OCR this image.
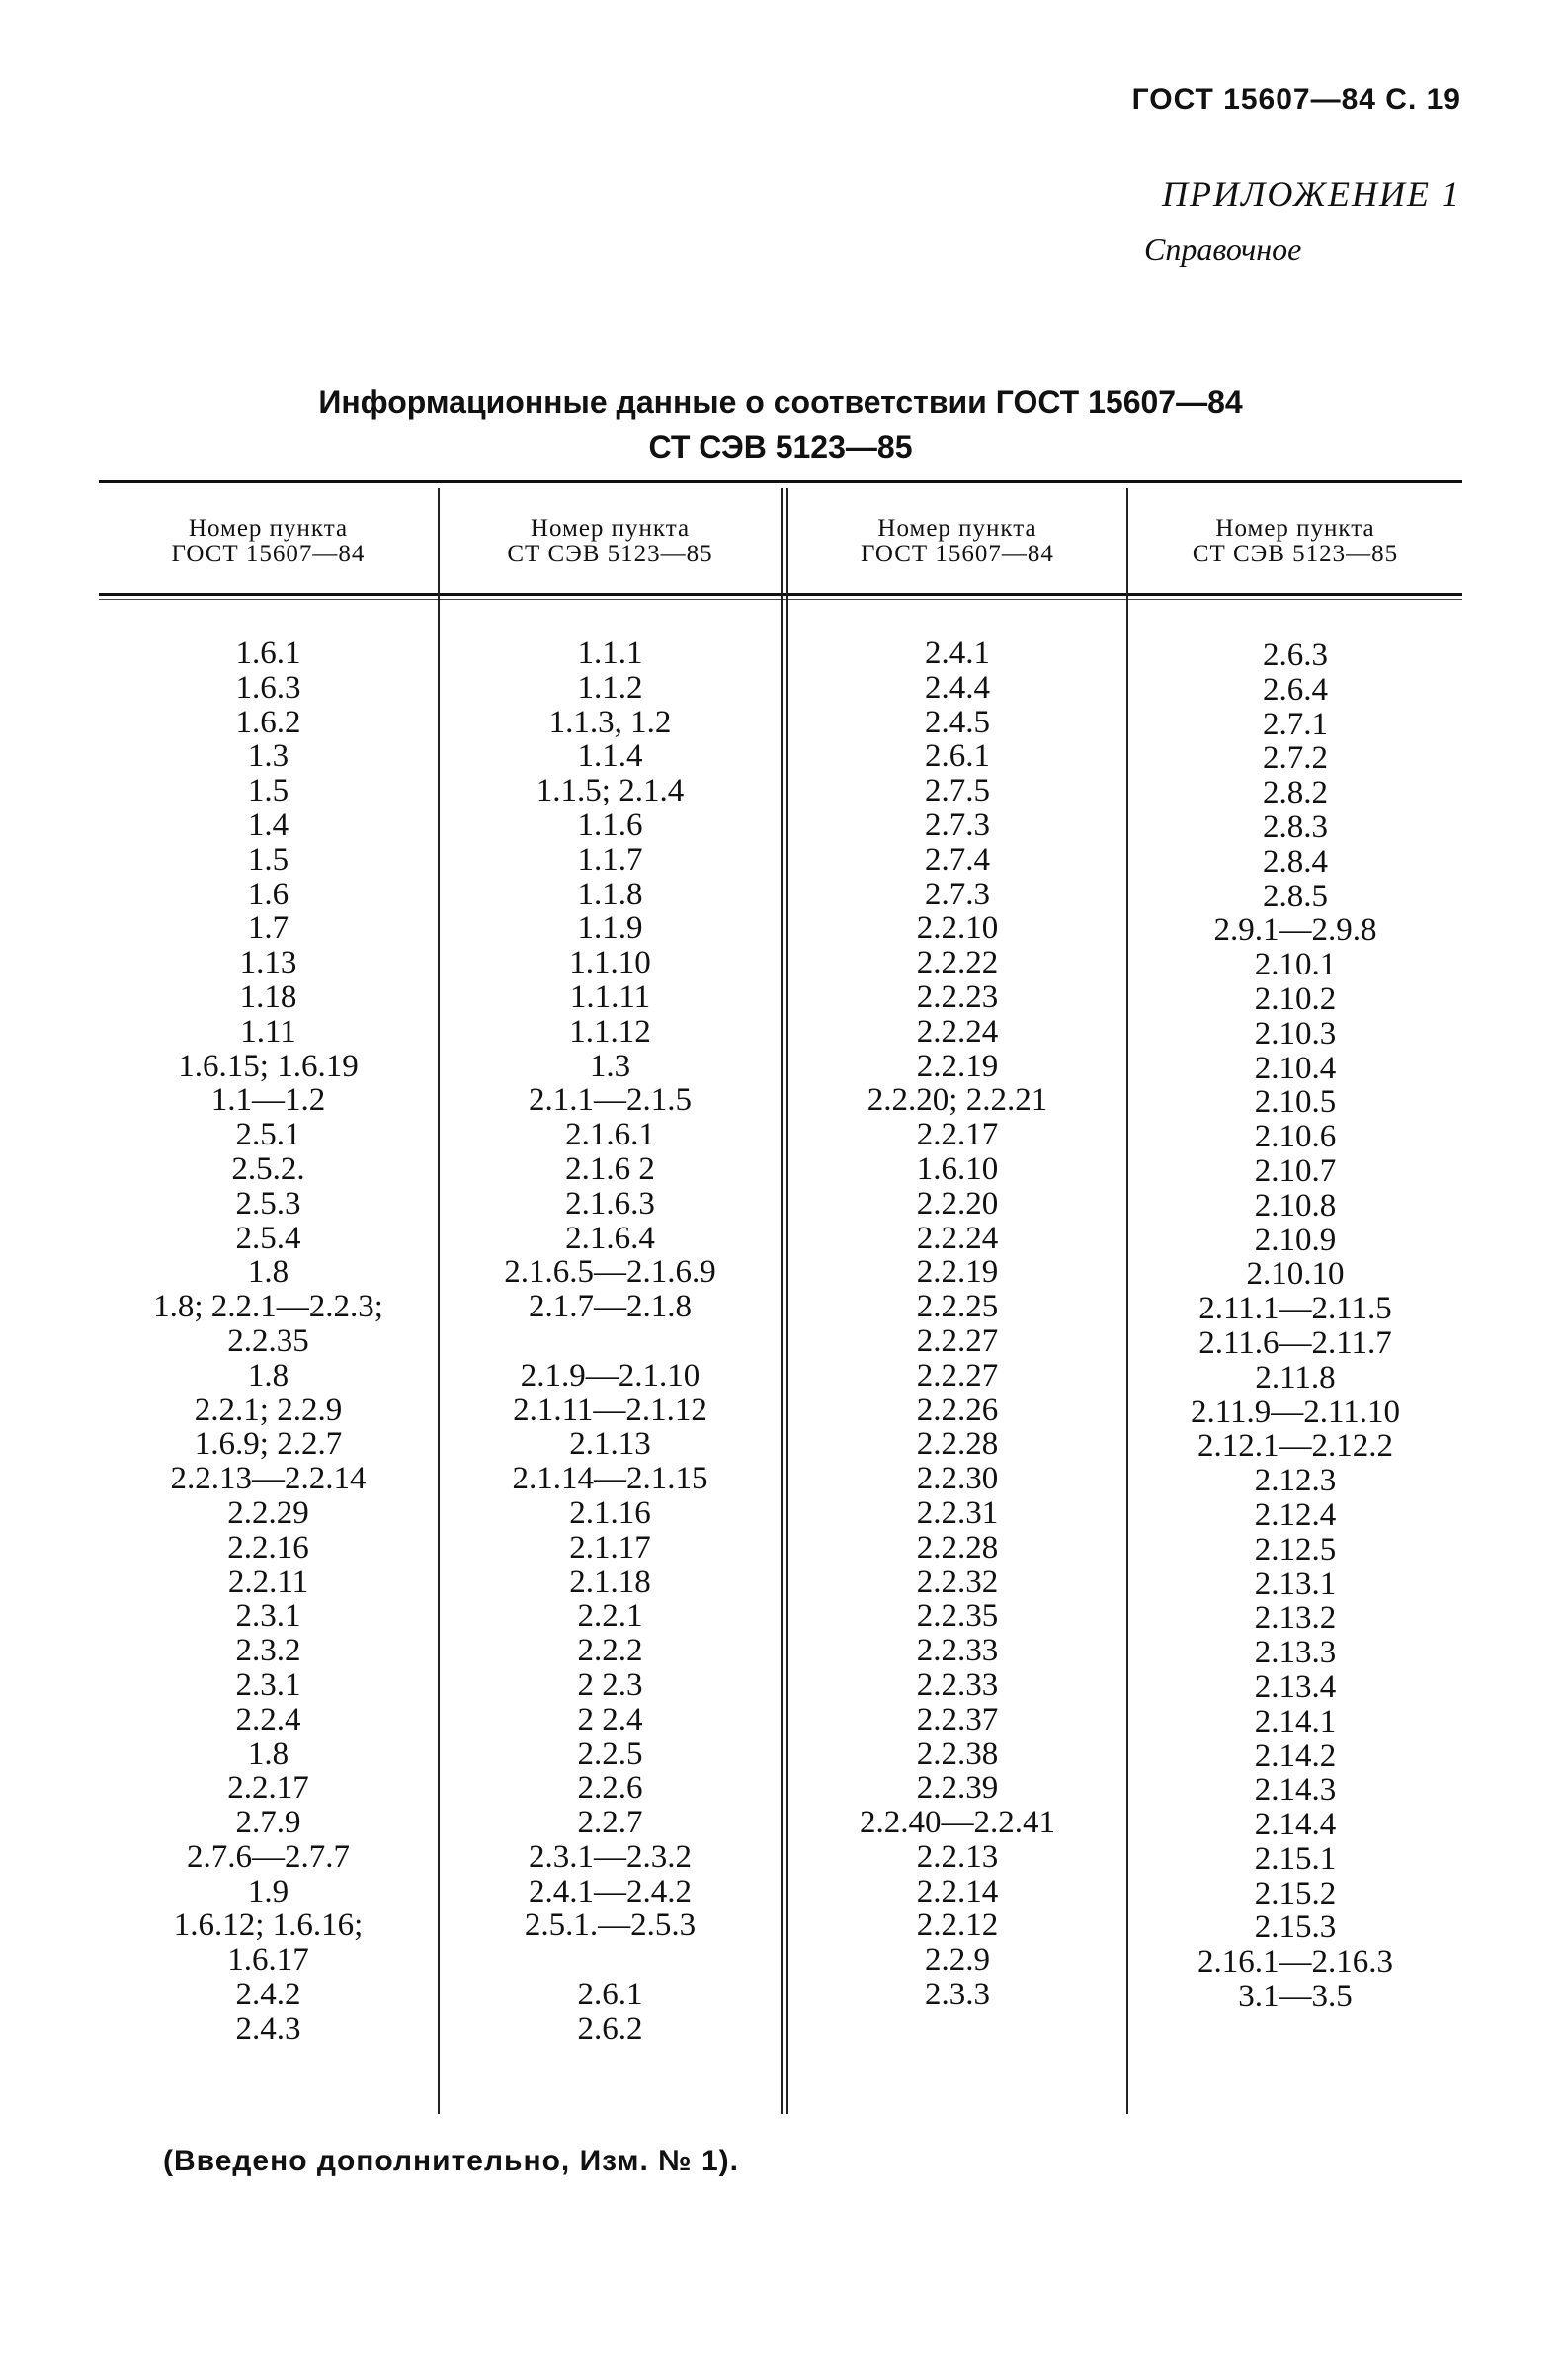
ГОСТ 15607—84 С. 19
ПРИЛОЖЕНИЕ 1
Справочное
Информационные данные о соответствии ГОСТ 15607—84
СТ СЭВ 5123—85
Номер пункта
ГОСТ 15607—84
Номер пункта
СТ СЭВ 5123—85
Номер пункта
ГОСТ 15607—84
Номер пункта
СТ СЭВ 5123—85
1.6.1
1.6.3
1.6.2
1.3
1.5
1.4
1.5
1.6
1.7
1.13
1.18
1.11
1.6.15; 1.6.19
1.1—1.2
2.5.1
2.5.2.
2.5.3
2.5.4
1.8
1.8; 2.2.1—2.2.3;
2.2.35
1.8
2.2.1; 2.2.9
1.6.9; 2.2.7
2.2.13—2.2.14
2.2.29
2.2.16
2.2.11
2.3.1
2.3.2
2.3.1
2.2.4
1.8
2.2.17
2.7.9
2.7.6—2.7.7
1.9
1.6.12; 1.6.16;
1.6.17
2.4.2
2.4.3
1.1.1
1.1.2
1.1.3, 1.2
1.1.4
1.1.5; 2.1.4
1.1.6
1.1.7
1.1.8
1.1.9
1.1.10
1.1.11
1.1.12
1.3
2.1.1—2.1.5
2.1.6.1
2.1.6 2
2.1.6.3
2.1.6.4
2.1.6.5—2.1.6.9
2.1.7—2.1.8
2.1.9—2.1.10
2.1.11—2.1.12
2.1.13
2.1.14—2.1.15
2.1.16
2.1.17
2.1.18
2.2.1
2.2.2
2 2.3
2 2.4
2.2.5
2.2.6
2.2.7
2.3.1—2.3.2
2.4.1—2.4.2
2.5.1.—2.5.3
2.6.1
2.6.2
2.4.1
2.4.4
2.4.5
2.6.1
2.7.5
2.7.3
2.7.4
2.7.3
2.2.10
2.2.22
2.2.23
2.2.24
2.2.19
2.2.20; 2.2.21
2.2.17
1.6.10
2.2.20
2.2.24
2.2.19
2.2.25
2.2.27
2.2.27
2.2.26
2.2.28
2.2.30
2.2.31
2.2.28
2.2.32
2.2.35
2.2.33
2.2.33
2.2.37
2.2.38
2.2.39
2.2.40—2.2.41
2.2.13
2.2.14
2.2.12
2.2.9
2.3.3
2.6.3
2.6.4
2.7.1
2.7.2
2.8.2
2.8.3
2.8.4
2.8.5
2.9.1—2.9.8
2.10.1
2.10.2
2.10.3
2.10.4
2.10.5
2.10.6
2.10.7
2.10.8
2.10.9
2.10.10
2.11.1—2.11.5
2.11.6—2.11.7
2.11.8
2.11.9—2.11.10
2.12.1—2.12.2
2.12.3
2.12.4
2.12.5
2.13.1
2.13.2
2.13.3
2.13.4
2.14.1
2.14.2
2.14.3
2.14.4
2.15.1
2.15.2
2.15.3
2.16.1—2.16.3
3.1—3.5
(Введено дополнительно, Изм. № 1).
